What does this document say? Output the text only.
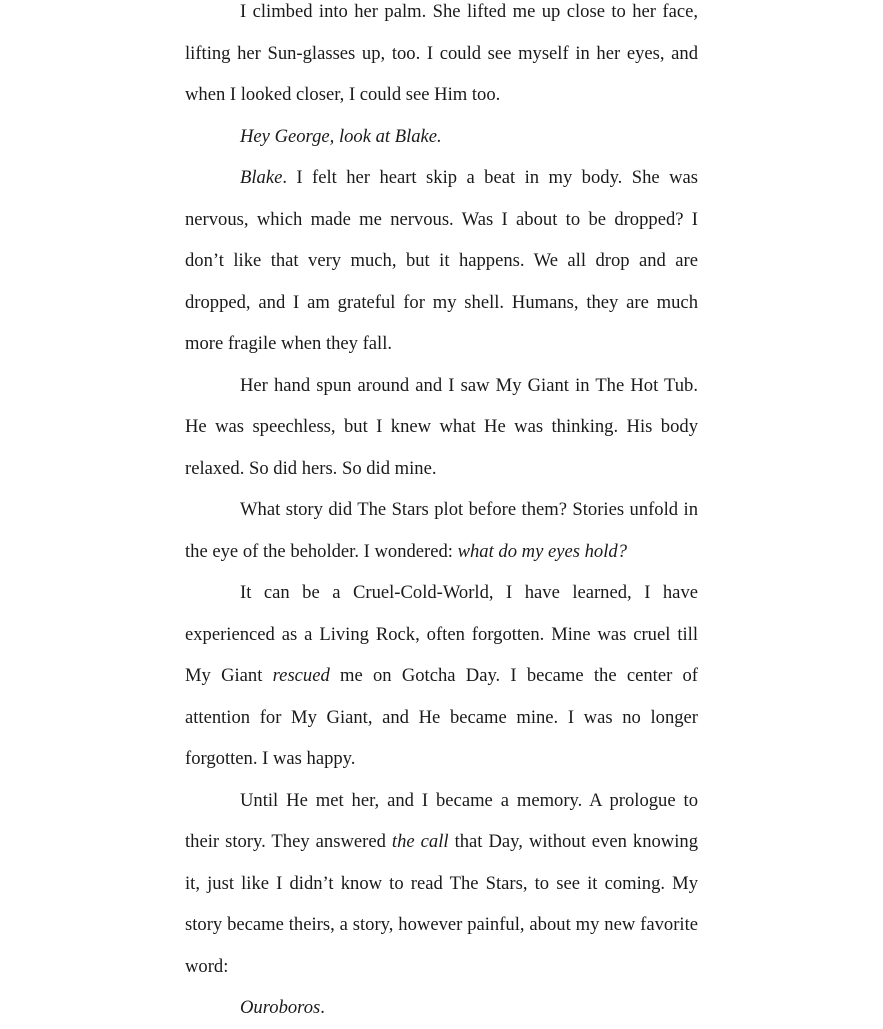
I climbed into her palm. She lifted me up close to her face, lifting her Sun-glasses up, too. I could see myself in her eyes, and when I looked closer, I could see Him too.

Hey George, look at Blake.

Blake. I felt her heart skip a beat in my body. She was nervous, which made me nervous. Was I about to be dropped? I don’t like that very much, but it happens. We all drop and are dropped, and I am grateful for my shell. Humans, they are much more fragile when they fall.

Her hand spun around and I saw My Giant in The Hot Tub. He was speechless, but I knew what He was thinking. His body relaxed. So did hers. So did mine.

What story did The Stars plot before them? Stories unfold in the eye of the beholder. I wondered: what do my eyes hold?

It can be a Cruel-Cold-World, I have learned, I have experienced as a Living Rock, often forgotten. Mine was cruel till My Giant rescued me on Gotcha Day. I became the center of attention for My Giant, and He became mine. I was no longer forgotten. I was happy.

Until He met her, and I became a memory. A prologue to their story. They answered the call that Day, without even knowing it, just like I didn’t know to read The Stars, to see it coming. My story became theirs, a story, however painful, about my new favorite word:

Ouroboros.
